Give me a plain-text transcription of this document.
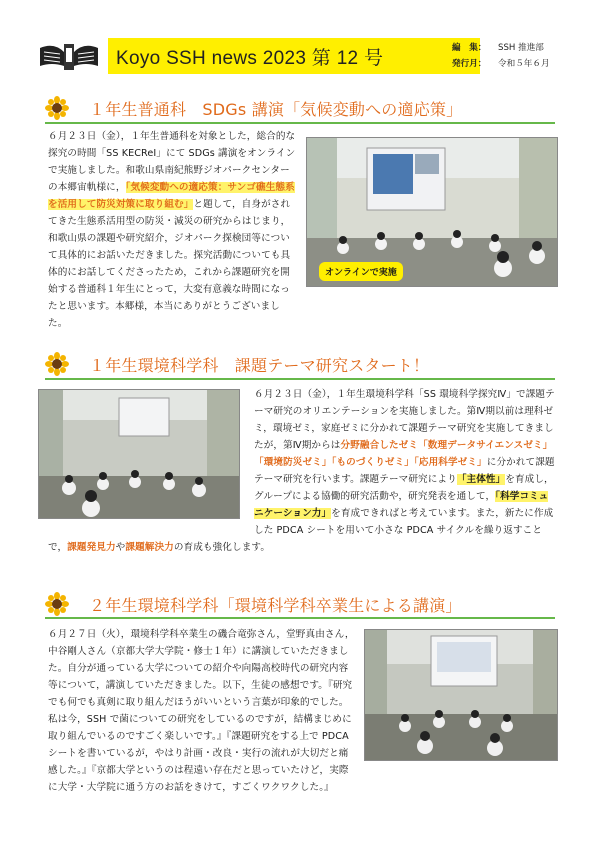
Koyo SSH news 2023 第 12 号	編　集： SSH 推進部
発行月： 令和５年６月
１年生普通科　SDGs 講演「気候変動への適応策」
６月２３日（金），１年生普通科を対象とした，総合的な探究の時間「SS KECReⅠ」にて SDGs 講演をオンラインで実施しました。和歌山県南紀熊野ジオパークセンターの本郷宙軌様に，「気候変動への適応策：サンゴ礁生態系を活用して防災対策に取り組む」と題して，自身がされてきた生態系活用型の防災・減災の研究からはじまり，和歌山県の課題や研究紹介，ジオパーク探検団等について具体的にお話いただきました。探究活動についても具体的にお話してくださったため，これから課題研究を開始する普通科１年生にとって，大変有意義な時間になったと思います。本郷様，本当にありがとうございました。
オンラインで実施
１年生環境科学科　課題テーマ研究スタート！
６月２３日（金），１年生環境科学科「SS 環境科学探究Ⅳ」で課題テーマ研究のオリエンテーションを実施しました。第Ⅳ期以前は理科ゼミ，環境ゼミ，家庭ゼミに分かれて課題テーマ研究を実施してきましたが，第Ⅳ期からは分野融合したゼミ「数理データサイエンスゼミ」「環境防災ゼミ」「ものづくりゼミ」「応用科学ゼミ」に分かれて課題テーマ研究を行います。課題テーマ研究により「主体性」を育成し，グループによる協働的研究活動や，研究発表を通して，「科学コミュニケーション力」を育成できればと考えています。また，新たに作成した PDCA シートを用いて小さな PDCA サイクルを繰り返すことで，課題発見力や課題解決力の育成も強化します。
２年生環境科学科「環境科学科卒業生による講演」
６月２７日（火），環境科学科卒業生の磯合竜弥さん，堂野真由さん，中谷剛人さん（京都大学大学院・修士１年）に講演していただきました。自分が通っている大学についての紹介や向陽高校時代の研究内容等について，講演していただきました。以下，生徒の感想です。『研究でも何でも真剣に取り組んだほうがいいという言葉が印象的でした。私は今，SSH で菌についての研究をしているのですが，結構まじめに取り組んでいるのですごく楽しいです。』『課題研究をする上で PDCA シートを書いているが，やはり計画・改良・実行の流れが大切だと痛感した。』『京都大学というのは程遠い存在だと思っていたけど，実際に大学・大学院に通う方のお話をきけて，すごくワクワクした。』
